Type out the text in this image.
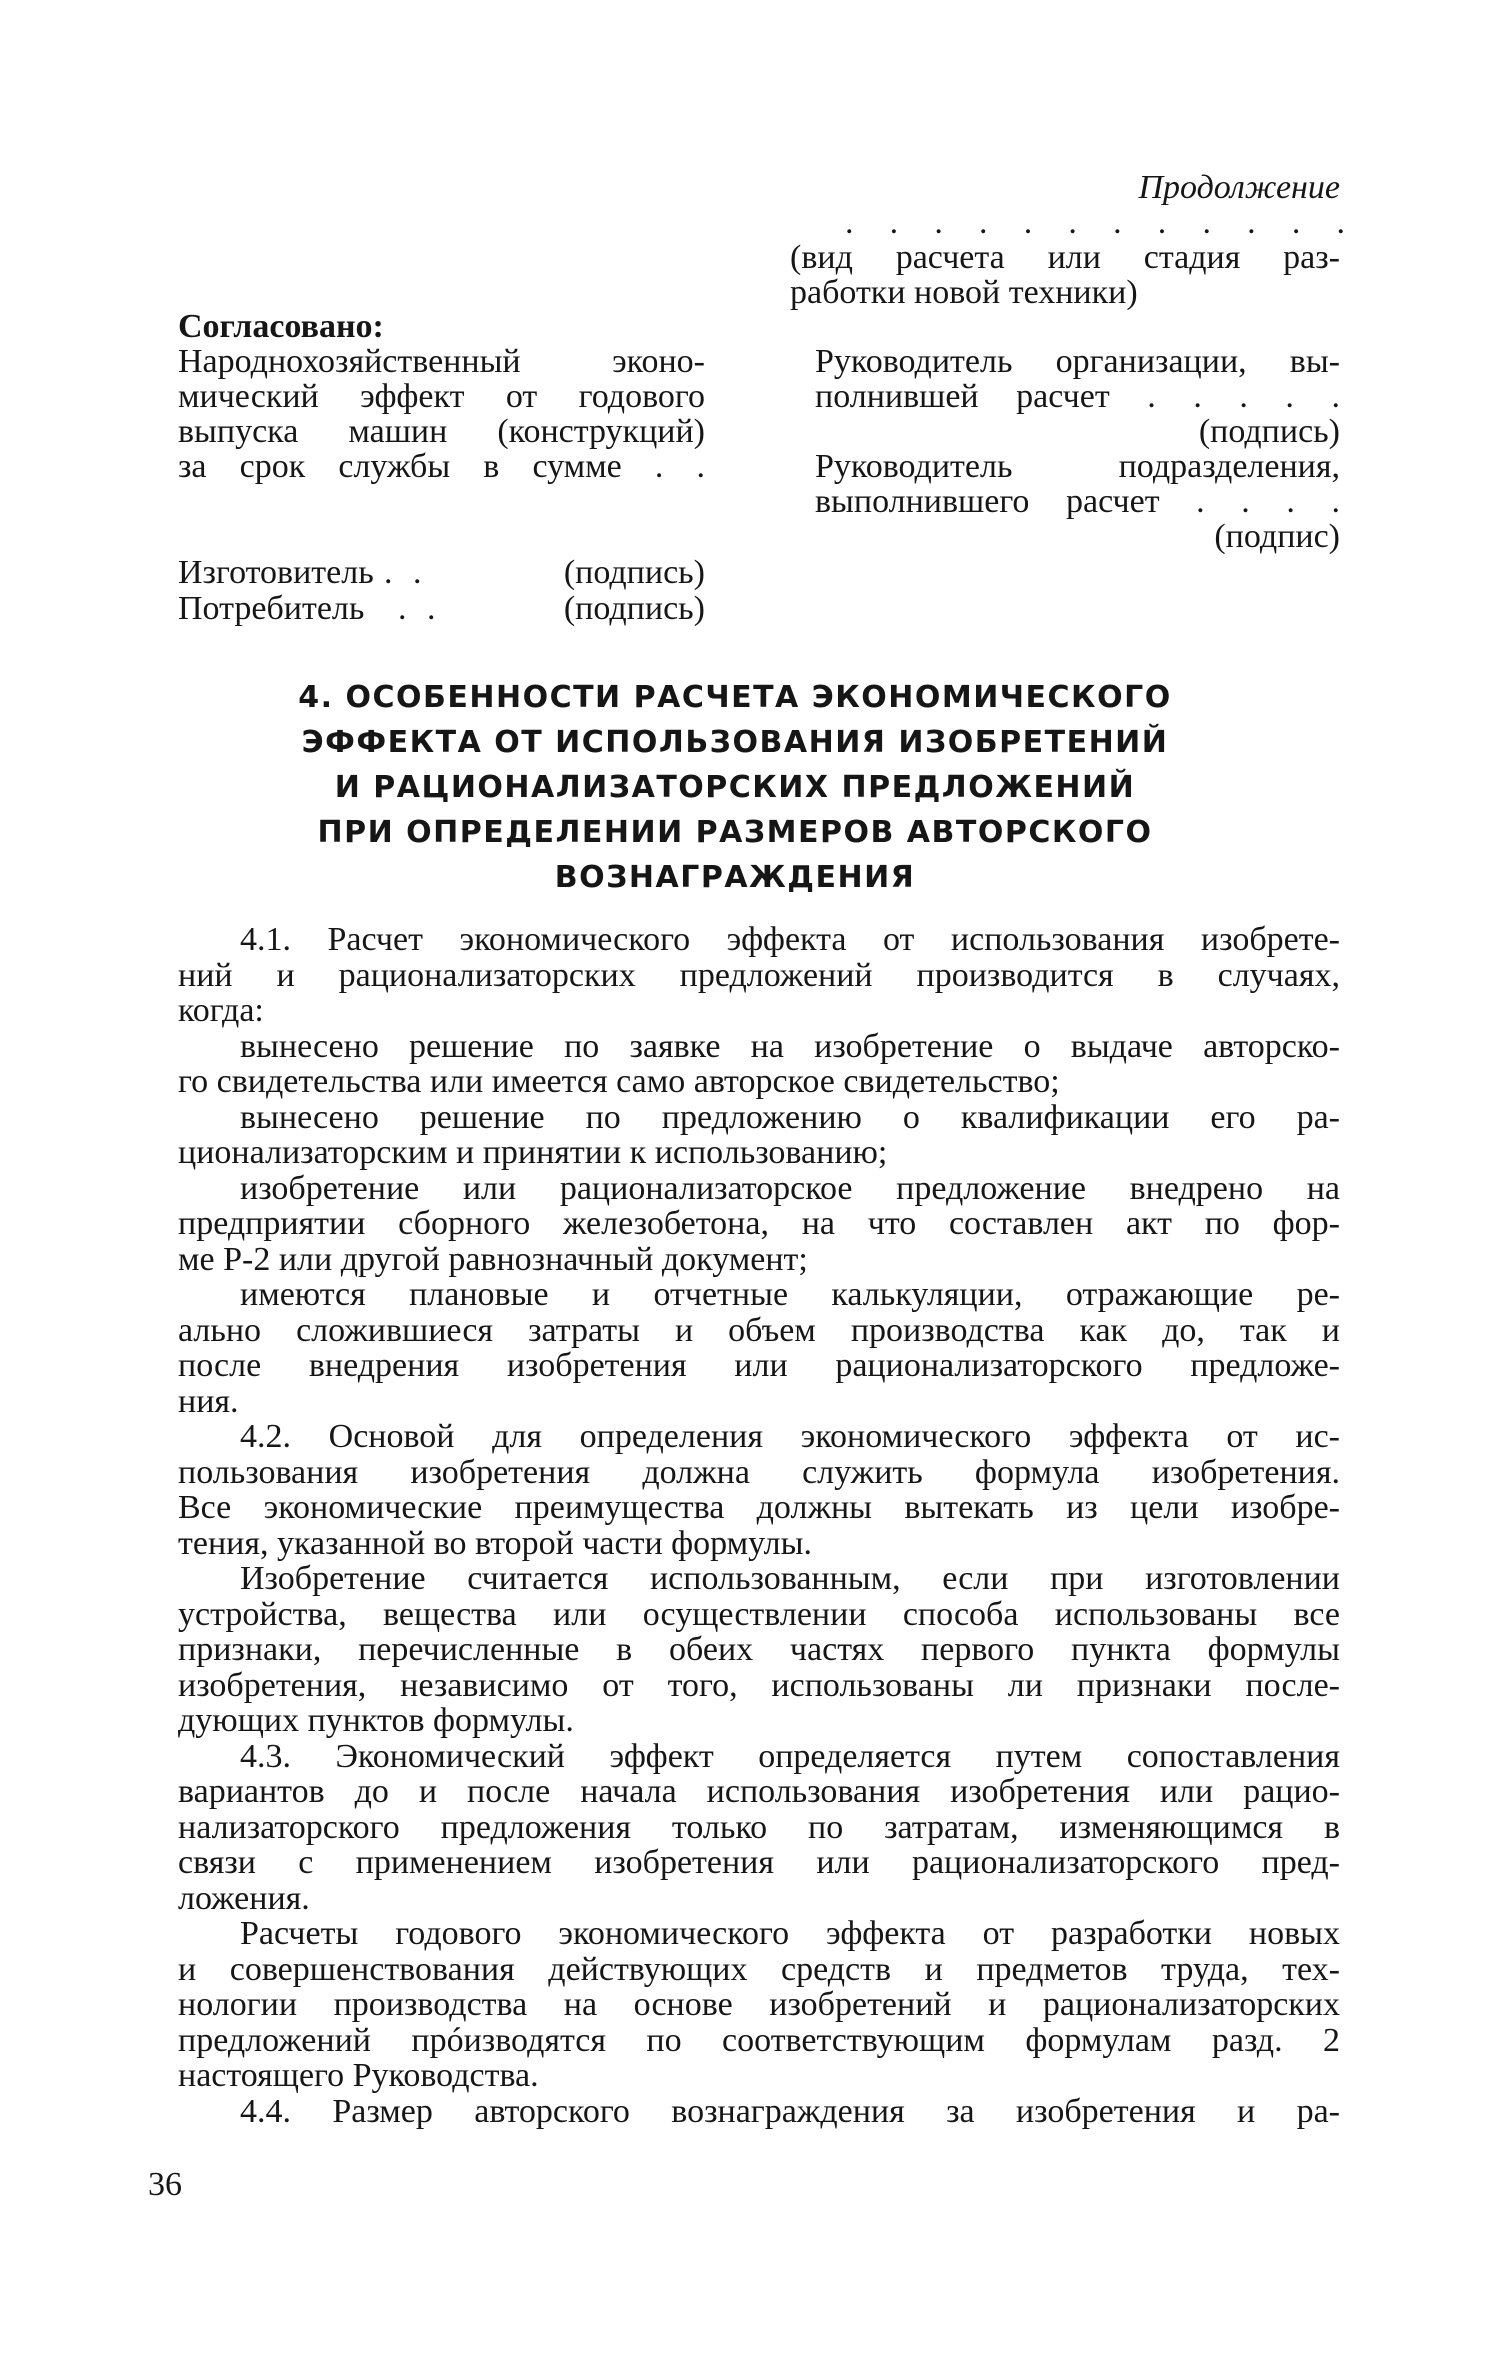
Продолжение
. . . . . . . . . . . .
(вид расчета или стадия раз-
работки новой техники)
Согласовано:
Народнохозяйственный эконо-
мический эффект от годового
выпуска машин (конструкций)
за срок службы в сумме . .
Руководитель организации, вы-
полнившей расчет . . . . .
(подпись)
Руководитель подразделения,
выполнившего расчет . . . .
(подпис)
Изготовитель . .	(подпись)
Потребитель . .	(подпись)
4. ОСОБЕННОСТИ РАСЧЕТА ЭКОНОМИЧЕСКОГО
ЭФФЕКТА ОТ ИСПОЛЬЗОВАНИЯ ИЗОБРЕТЕНИЙ
И РАЦИОНАЛИЗАТОРСКИХ ПРЕДЛОЖЕНИЙ
ПРИ ОПРЕДЕЛЕНИИ РАЗМЕРОВ АВТОРСКОГО
ВОЗНАГРАЖДЕНИЯ
4.1. Расчет экономического эффекта от использования изобрете-
ний и рационализаторских предложений производится в случаях,
когда:
вынесено решение по заявке на изобретение о выдаче авторско-
го свидетельства или имеется само авторское свидетельство;
вынесено решение по предложению о квалификации его ра-
ционализаторским и принятии к использованию;
изобретение или рационализаторское предложение внедрено на
предприятии сборного железобетона, на что составлен акт по фор-
ме Р-2 или другой равнозначный документ;
имеются плановые и отчетные калькуляции, отражающие ре-
ально сложившиеся затраты и объем производства как до, так и
после внедрения изобретения или рационализаторского предложе-
ния.
4.2. Основой для определения экономического эффекта от ис-
пользования изобретения должна служить формула изобретения.
Все экономические преимущества должны вытекать из цели изобре-
тения, указанной во второй части формулы.
Изобретение считается использованным, если при изготовлении
устройства, вещества или осуществлении способа использованы все
признаки, перечисленные в обеих частях первого пункта формулы
изобретения, независимо от того, использованы ли признаки после-
дующих пунктов формулы.
4.3. Экономический эффект определяется путем сопоставления
вариантов до и после начала использования изобретения или рацио-
нализаторского предложения только по затратам, изменяющимся в
связи с применением изобретения или рационализаторского пред-
ложения.
Расчеты годового экономического эффекта от разработки новых
и совершенствования действующих средств и предметов труда, тех-
нологии производства на основе изобретений и рационализаторских
предложений прóизводятся по соответствующим формулам разд. 2
настоящего Руководства.
4.4. Размер авторского вознаграждения за изобретения и ра-
36
